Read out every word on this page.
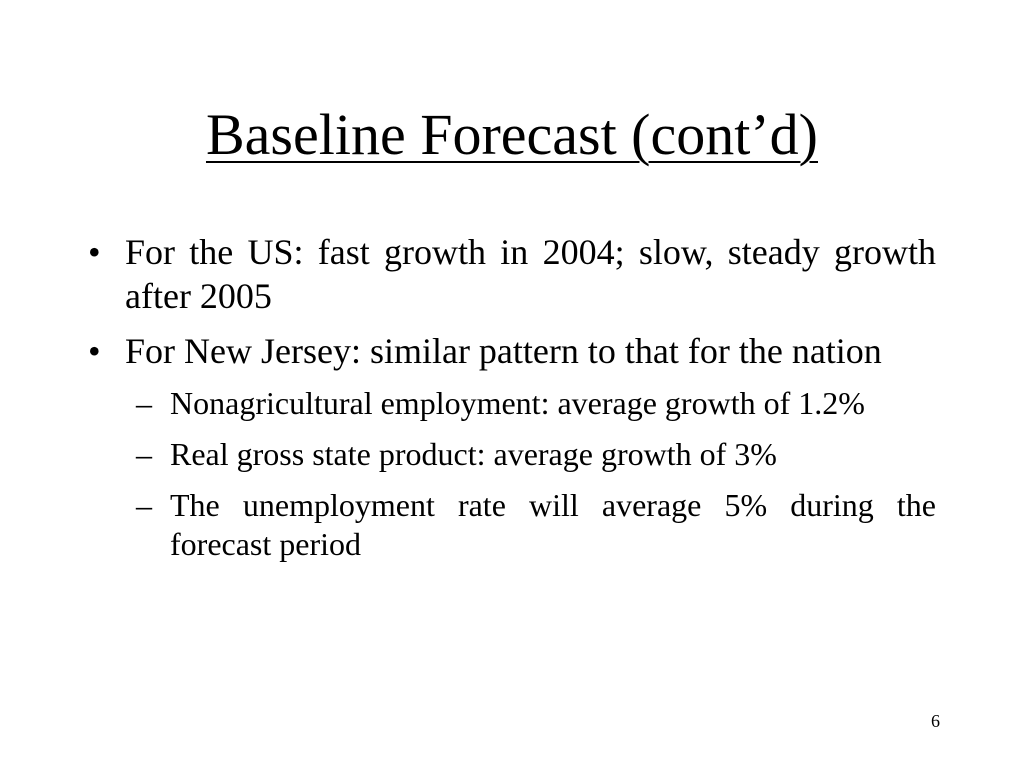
Baseline Forecast (cont’d)
• For the US: fast growth in 2004; slow, steady growth after 2005
• For New Jersey: similar pattern to that for the nation
– Nonagricultural employment: average growth of 1.2%
– Real gross state product: average growth of 3%
– The unemployment rate will average 5% during the forecast period
6
